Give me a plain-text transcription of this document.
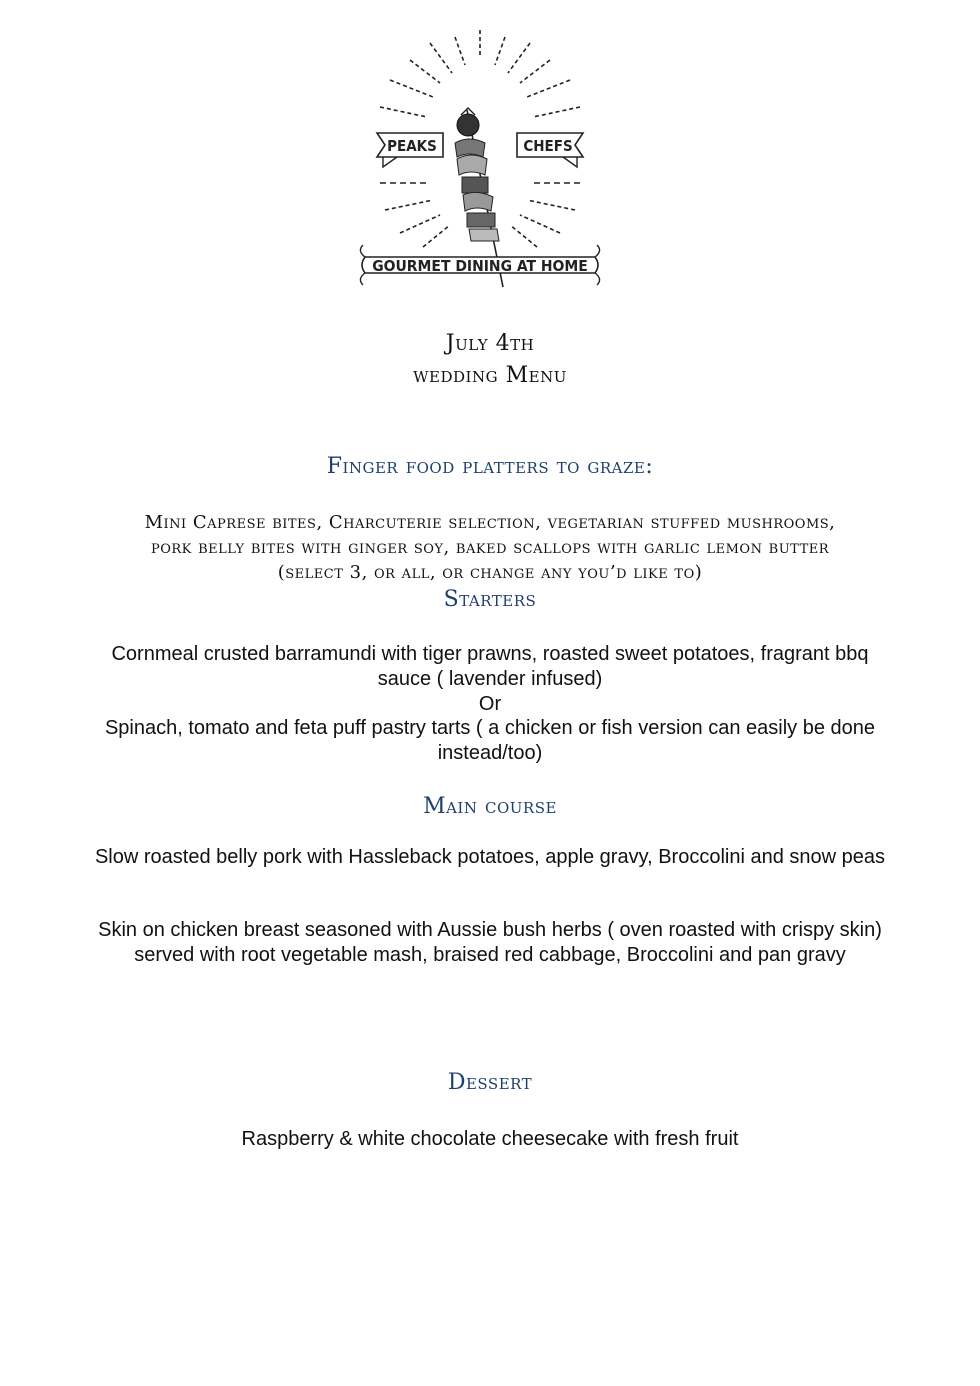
PEAKS	CHEFS
GOURMET DINING AT HOME
July 4th
wedding Menu
Finger food platters to graze:
Mini Caprese bites, Charcuterie selection, vegetarian stuffed mushrooms,
pork belly bites with ginger soy, baked scallops with garlic lemon butter
(select 3, or all, or change any you’d like to)
Starters
Cornmeal crusted barramundi with tiger prawns, roasted sweet potatoes, fragrant bbq sauce ( lavender infused)
Or
Spinach, tomato and feta puff pastry tarts ( a chicken or fish version can easily be done instead/too)
Main course
Slow roasted belly pork with Hassleback potatoes, apple gravy, Broccolini and snow peas
Skin on chicken breast seasoned with Aussie bush herbs ( oven roasted with crispy skin) served with root vegetable mash, braised red cabbage, Broccolini and pan gravy
Dessert
Raspberry & white chocolate cheesecake with fresh fruit
